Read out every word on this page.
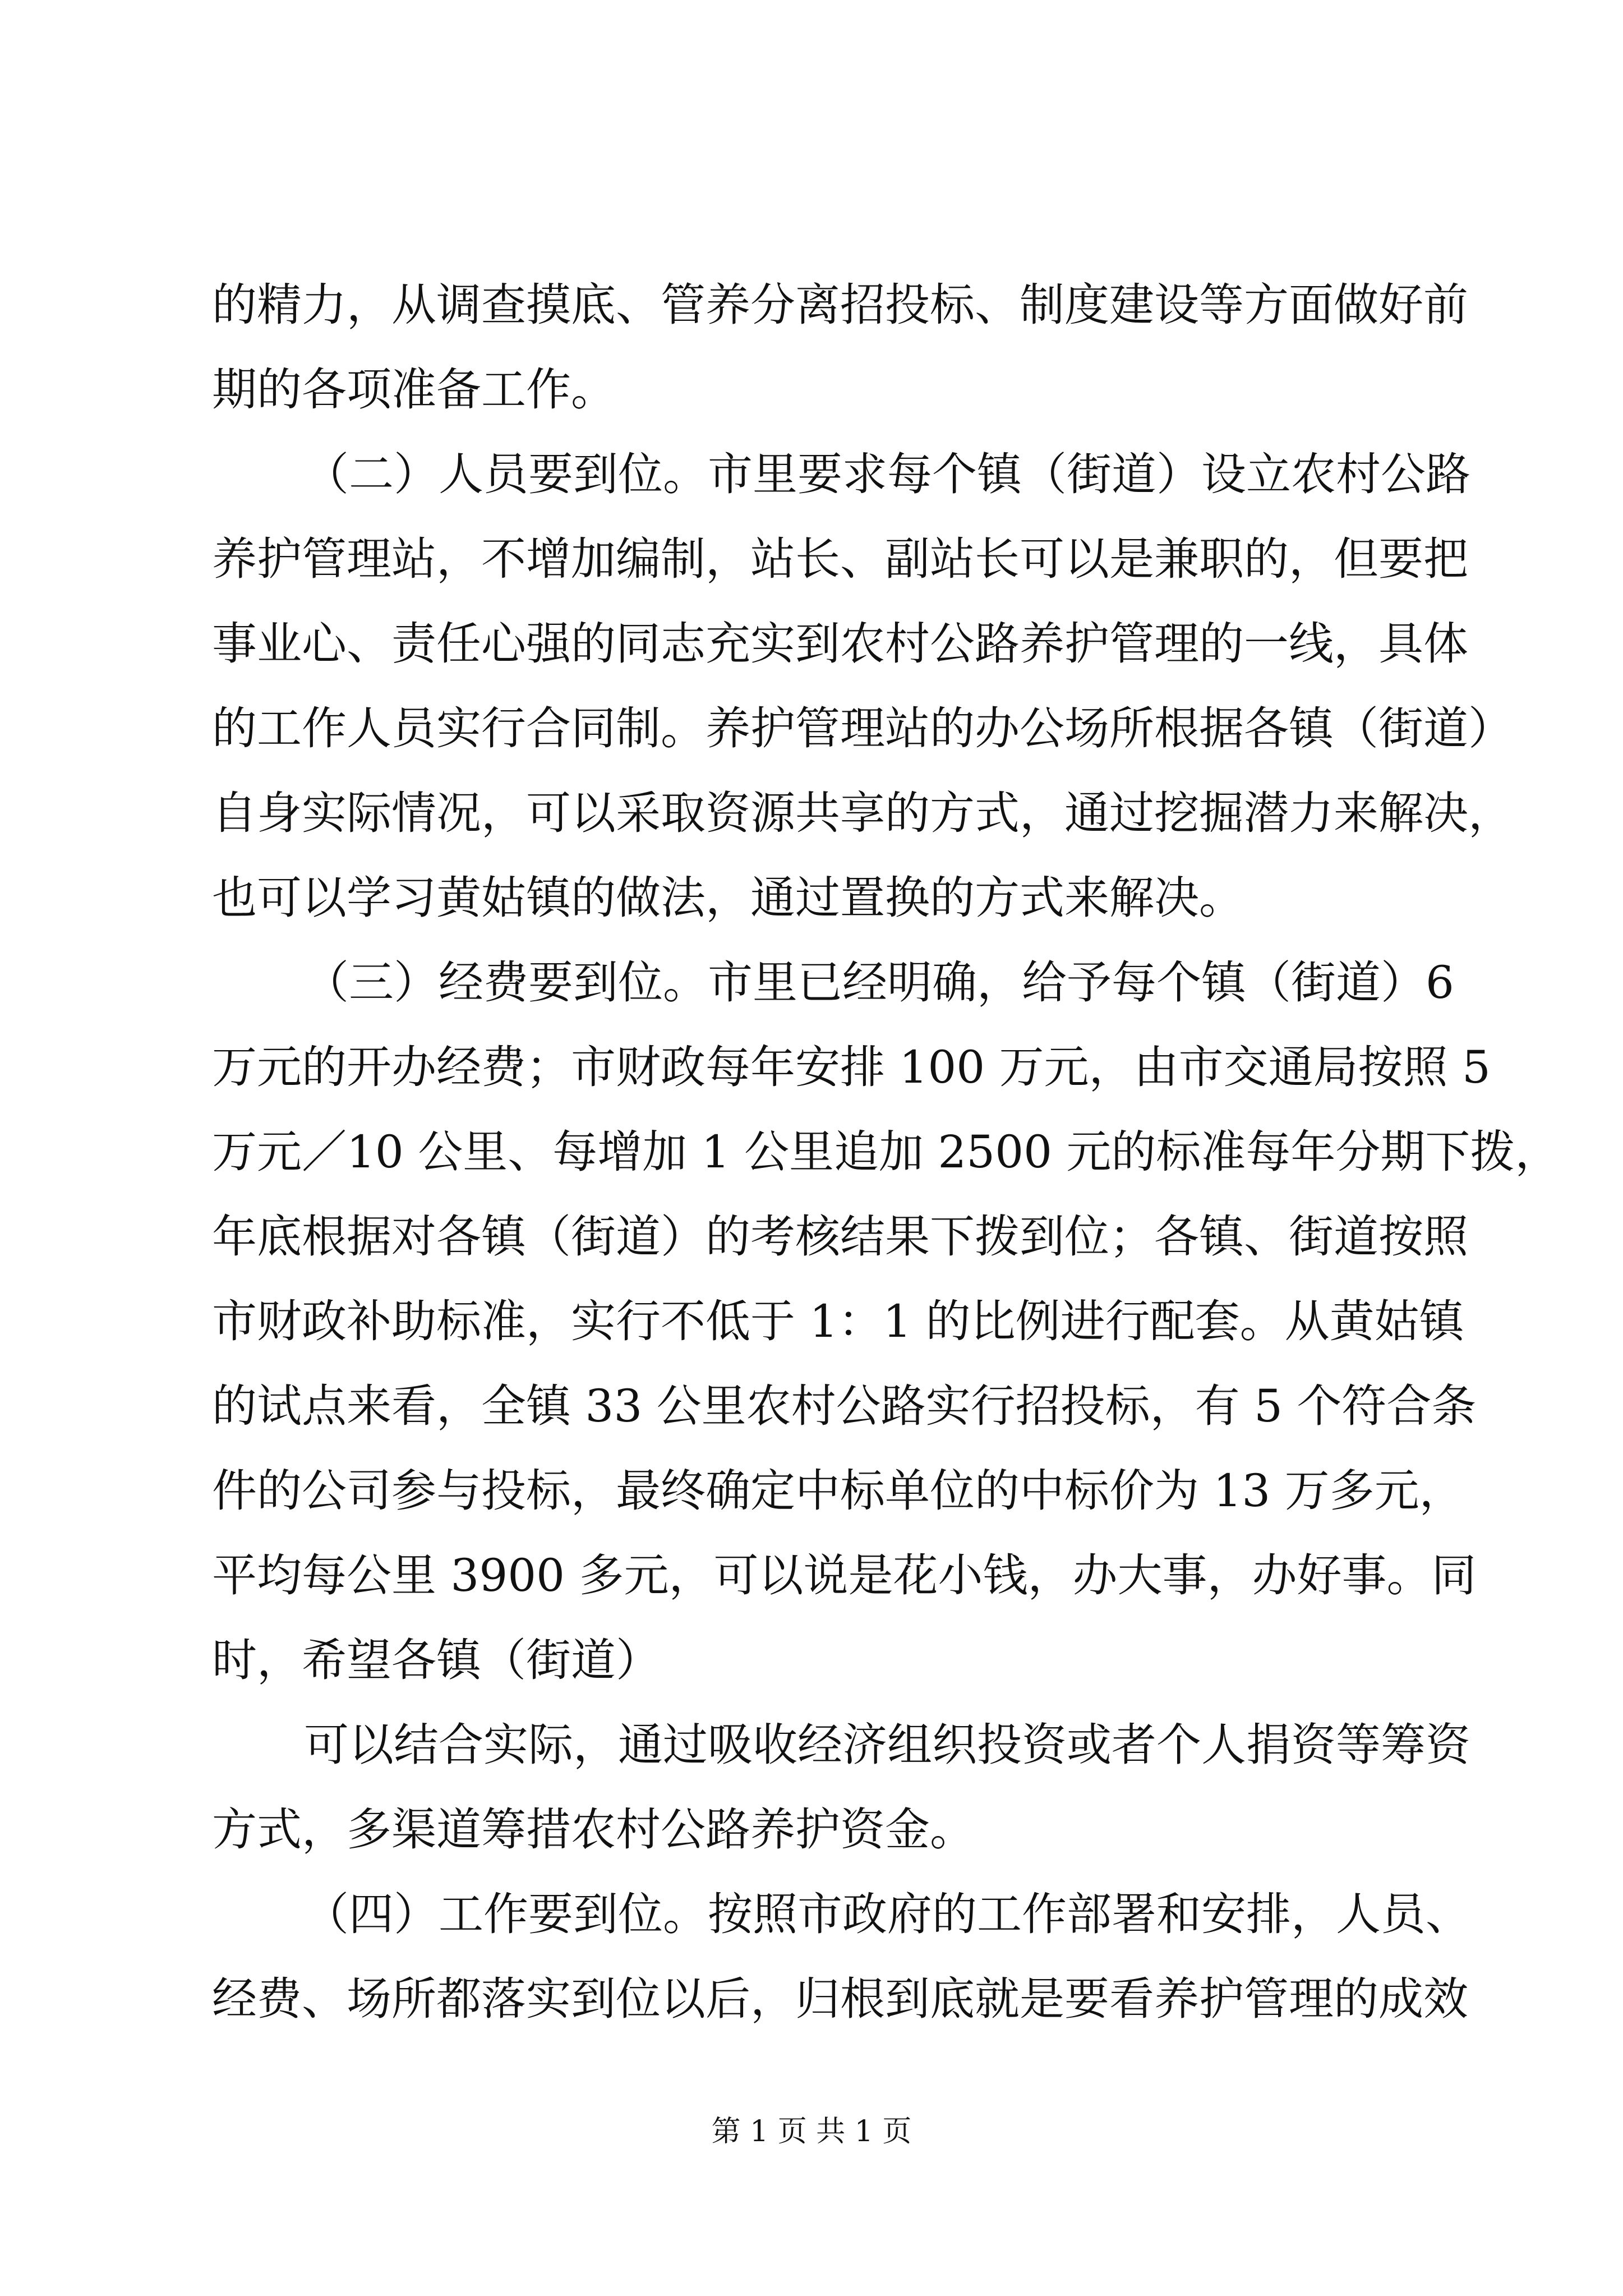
的精力，从调查摸底、管养分离招投标、制度建设等方面做好前
期的各项准备工作。
（二）人员要到位。市里要求每个镇（街道）设立农村公路
养护管理站，不增加编制，站长、副站长可以是兼职的，但要把
事业心、责任心强的同志充实到农村公路养护管理的一线，具体
的工作人员实行合同制。养护管理站的办公场所根据各镇（街道）
自身实际情况，可以采取资源共享的方式，通过挖掘潜力来解决，
也可以学习黄姑镇的做法，通过置换的方式来解决。
（三）经费要到位。市里已经明确，给予每个镇（街道）6
万元的开办经费；市财政每年安排 100 万元，由市交通局按照 5
万元／10 公里、每增加 1 公里追加 2500 元的标准每年分期下拨，
年底根据对各镇（街道）的考核结果下拨到位；各镇、街道按照
市财政补助标准，实行不低于 1：1 的比例进行配套。从黄姑镇
的试点来看，全镇 33 公里农村公路实行招投标，有 5 个符合条
件的公司参与投标，最终确定中标单位的中标价为 13 万多元，
平均每公里 3900 多元，可以说是花小钱，办大事，办好事。同
时，希望各镇（街道）
可以结合实际，通过吸收经济组织投资或者个人捐资等筹资
方式，多渠道筹措农村公路养护资金。
（四）工作要到位。按照市政府的工作部署和安排，人员、
经费、场所都落实到位以后，归根到底就是要看养护管理的成效
第 1 页 共 1 页
